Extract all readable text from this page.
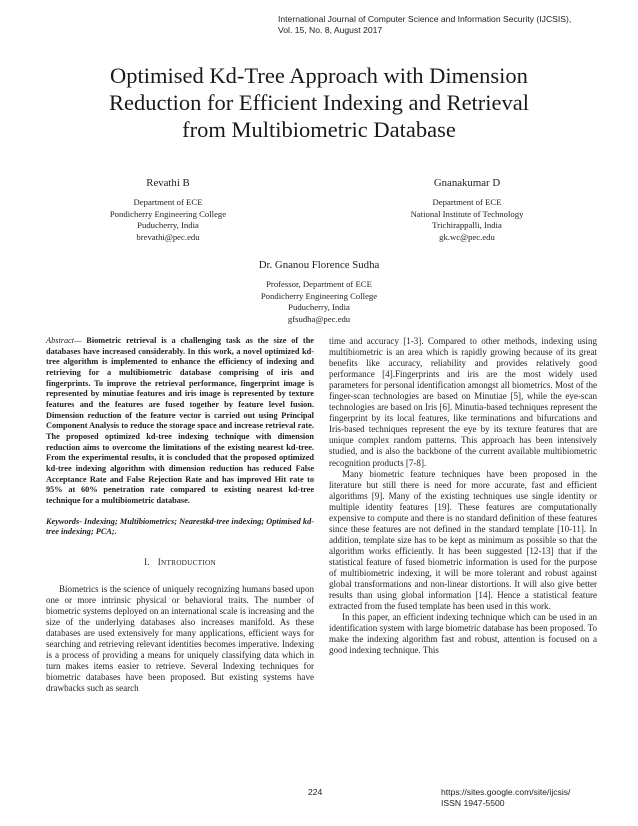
International Journal of Computer Science and Information Security (IJCSIS),
Vol. 15, No. 8, August 2017
Optimised Kd-Tree Approach with Dimension
Reduction for Efficient Indexing and Retrieval
from Multibiometric Database
Revathi B
Department of ECE
Pondicherry Engineering College
Puducherry, India
brevathi@pec.edu
Gnanakumar D
Department of ECE
National Institute of Technology
Trichirappalli, India
gk.wc@pec.edu
Dr. Gnanou Florence Sudha
Professor, Department of ECE
Pondicherry Engineering College
Puducherry, India
gfsudha@pec.edu

Abstract— Biometric retrieval is a challenging task as the size of the databases have increased considerably. In this work, a novel optimized kd-tree algorithm is implemented to enhance the efficiency of indexing and retrieving for a multibiometric database comprising of iris and fingerprints. To improve the retrieval performance, fingerprint image is represented by minutiae features and iris image is represented by texture features and the features are fused together by feature level fusion. Dimension reduction of the feature vector is carried out using Principal Component Analysis to reduce the storage space and increase retrieval rate. The proposed optimized kd-tree indexing technique with dimension reduction aims to overcome the limitations of the existing nearest kd-tree. From the experimental results, it is concluded that the proposed optimized kd-tree indexing algorithm with dimension reduction has reduced False Acceptance Rate and False Rejection Rate and has improved Hit rate to 95% at 60% penetration rate compared to existing nearest kd-tree technique for a multibiometric database.

Keywords- Indexing; Multibiometrics; Nearestkd-tree indexing; Optimised kd-tree indexing; PCA;.

I. INTRODUCTION

Biometrics is the science of uniquely recognizing humans based upon one or more intrinsic physical or behavioral traits. The number of biometric systems deployed on an international scale is increasing and the size of the underlying databases also increases manifold. As these databases are used extensively for many applications, efficient ways for searching and retrieving relevant identities becomes imperative. Indexing is a process of providing a means for uniquely classifying data which in turn makes items easier to retrieve. Several Indexing techniques for biometric databases have been proposed. But existing systems have drawbacks such as search

time and accuracy [1-3]. Compared to other methods, indexing using multibiometric is an area which is rapidly growing because of its great benefits like accuracy, reliability and provides relatively good performance [4].Fingerprints and iris are the most widely used parameters for personal identification amongst all biometrics. Most of the finger-scan technologies are based on Minutiae [5], while the eye-scan technologies are based on Iris [6]. Minutia-based techniques represent the fingerprint by its local features, like terminations and bifurcations and Iris-based techniques represent the eye by its texture features that are unique complex random patterns. This approach has been intensively studied, and is also the backbone of the current available multibiometric recognition products [7-8].

Many biometric feature techniques have been proposed in the literature but still there is need for more accurate, fast and efficient algorithms [9]. Many of the existing techniques use single identity or multiple identity features [19]. These features are computationally expensive to compute and there is no standard definition of these features since these features are not defined in the standard template [10-11]. In addition, template size has to be kept as minimum as possible so that the algorithm works efficiently. It has been suggested [12-13] that if the statistical feature of fused biometric information is used for the purpose of multibiometric indexing, it will be more tolerant and robust against global transformations and non-linear distortions. It will also give better results than using global information [14]. Hence a statistical feature extracted from the fused template has been used in this work.

In this paper, an efficient indexing technique which can be used in an identification system with large biometric database has been proposed. To make the indexing algorithm fast and robust, attention is focused on a good indexing technique. This

224	https://sites.google.com/site/ijcsis/
ISSN 1947-5500
